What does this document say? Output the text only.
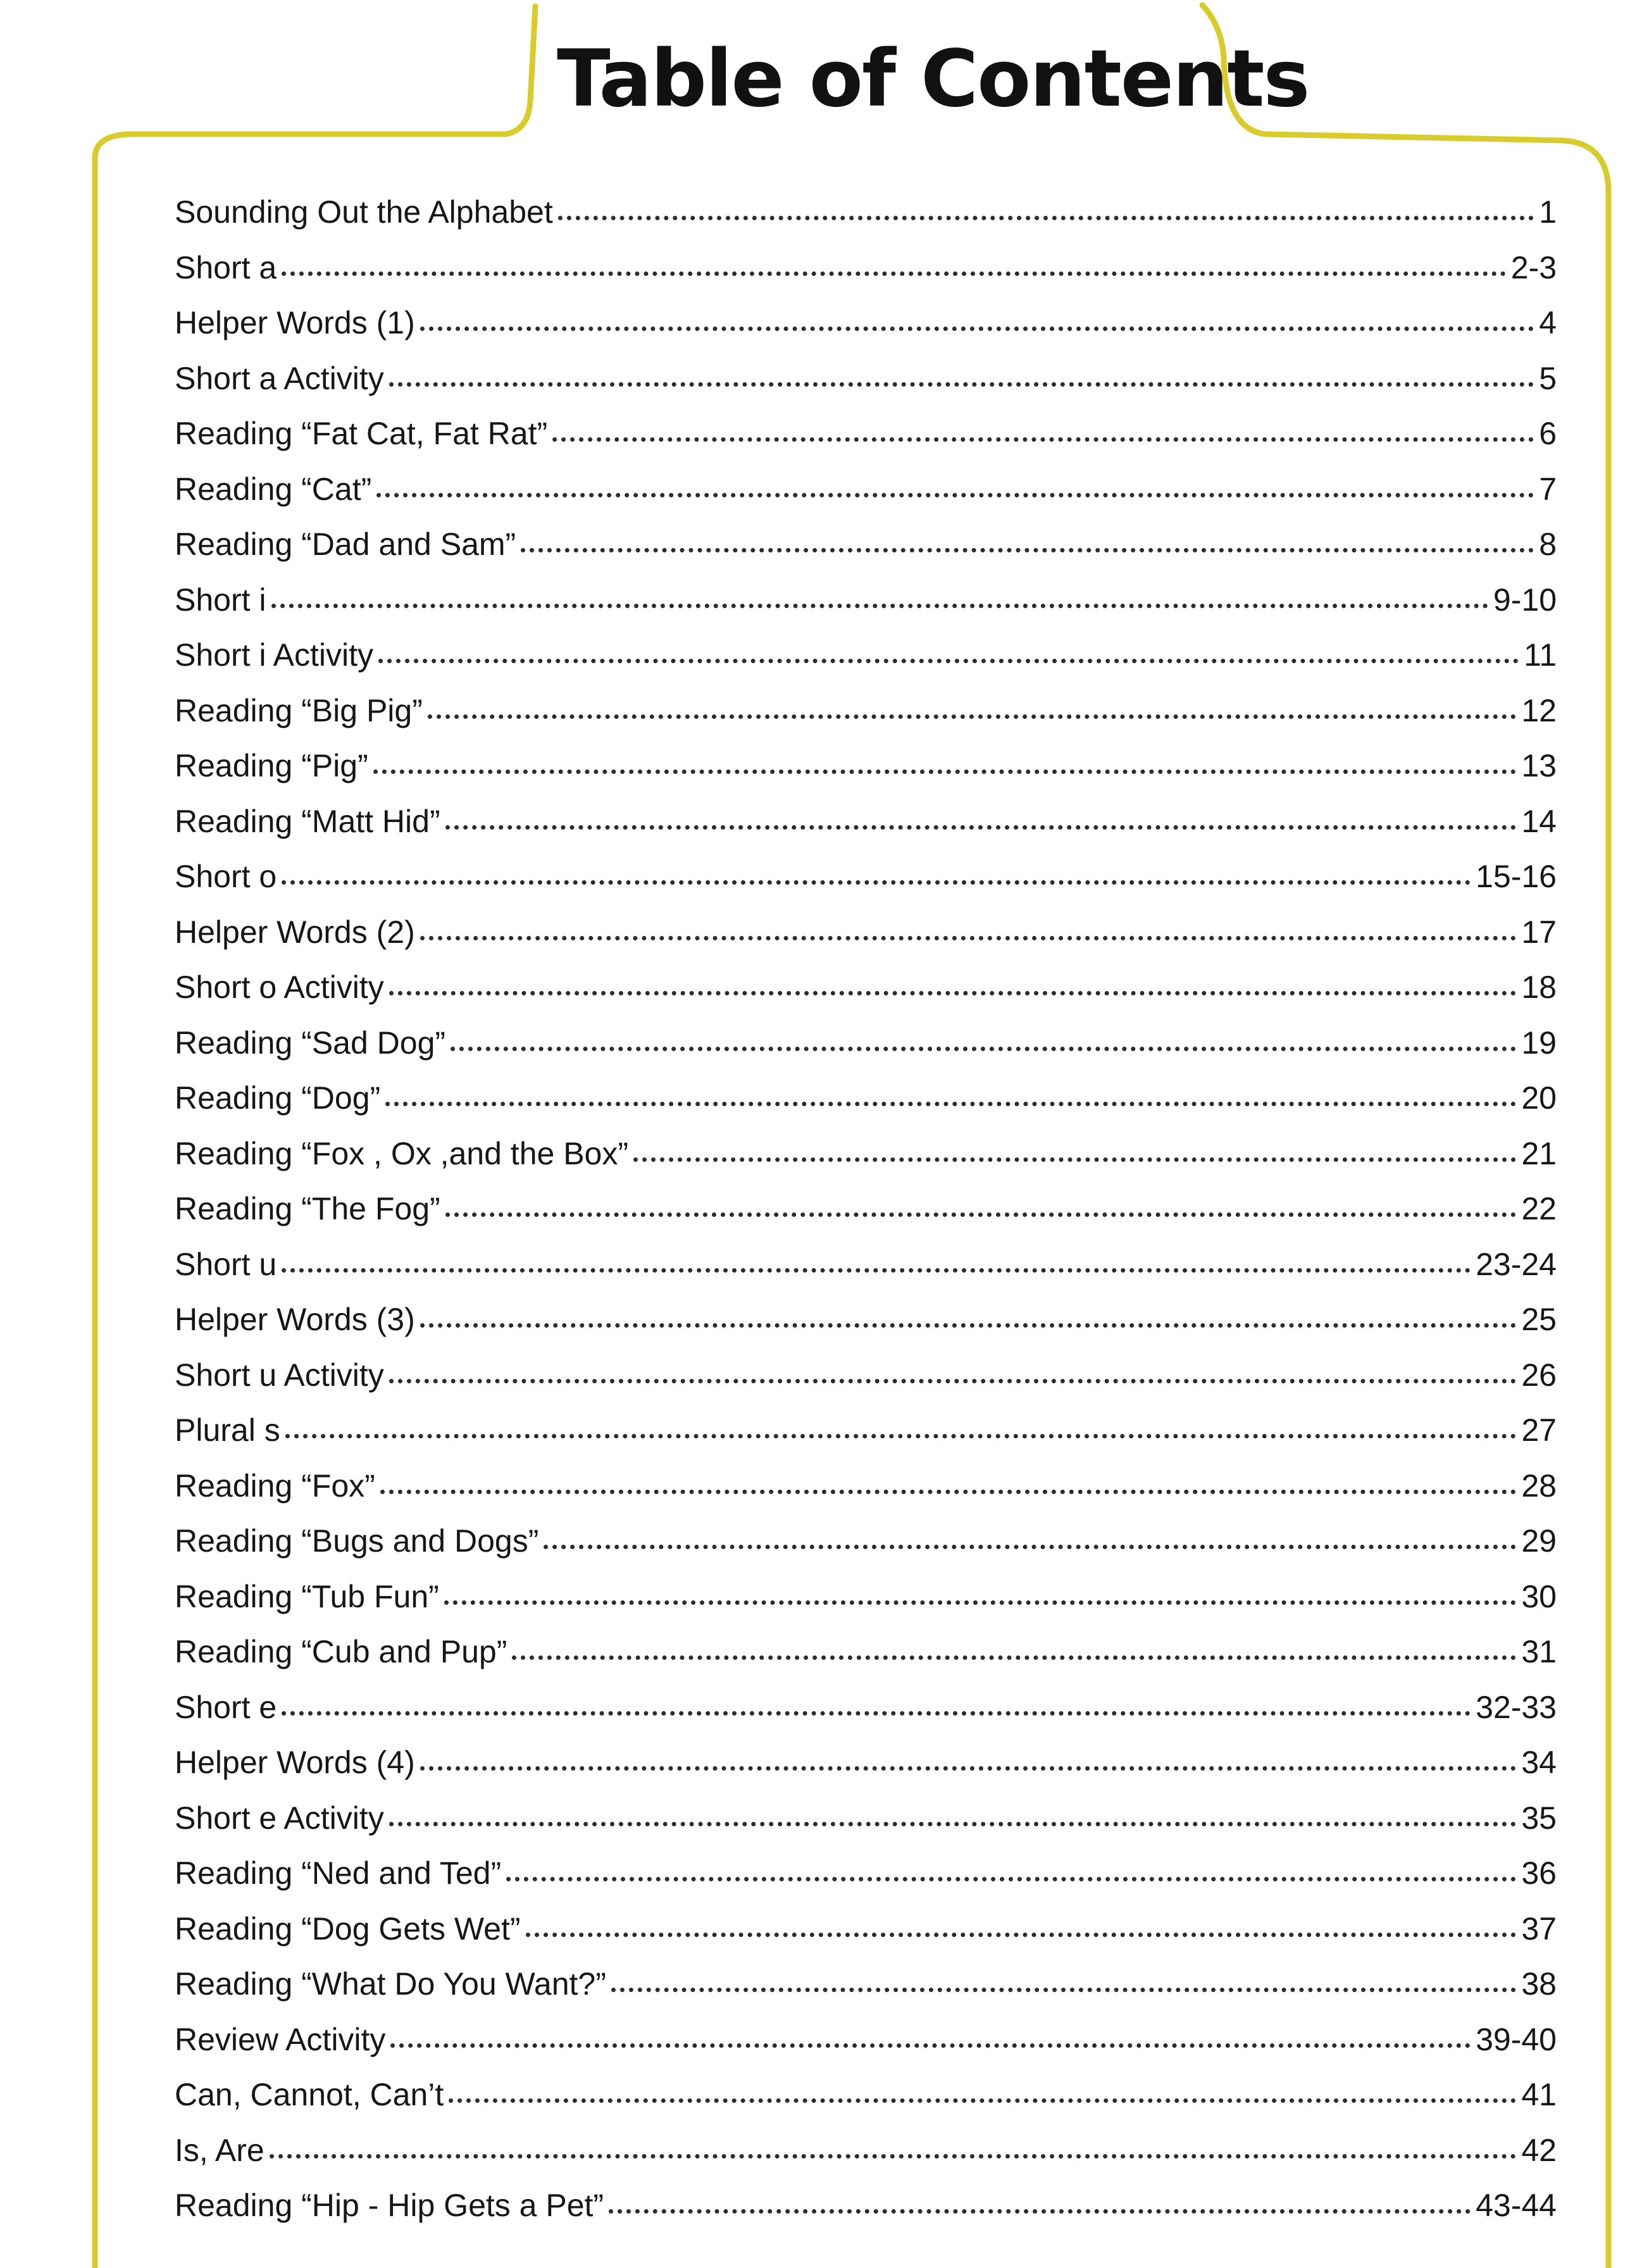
Table of Contents
Sounding Out the Alphabet	1
Short a	2-3
Helper Words (1)	4
Short a Activity	5
Reading “Fat Cat, Fat Rat”	6
Reading “Cat”	7
Reading “Dad and Sam”	8
Short i	9-10
Short i Activity	11
Reading “Big Pig”	12
Reading “Pig”	13
Reading “Matt Hid”	14
Short o	15-16
Helper Words (2)	17
Short o Activity	18
Reading “Sad Dog”	19
Reading “Dog”	20
Reading “Fox , Ox ,and the Box”	21
Reading “The Fog”	22
Short u	23-24
Helper Words (3)	25
Short u Activity	26
Plural s	27
Reading “Fox”	28
Reading “Bugs and Dogs”	29
Reading “Tub Fun”	30
Reading “Cub and Pup”	31
Short e	32-33
Helper Words (4)	34
Short e Activity	35
Reading “Ned and Ted”	36
Reading “Dog Gets Wet”	37
Reading “What Do You Want?”	38
Review Activity	39-40
Can, Cannot, Can’t	41
Is, Are	42
Reading “Hip - Hip Gets a Pet”	43-44
